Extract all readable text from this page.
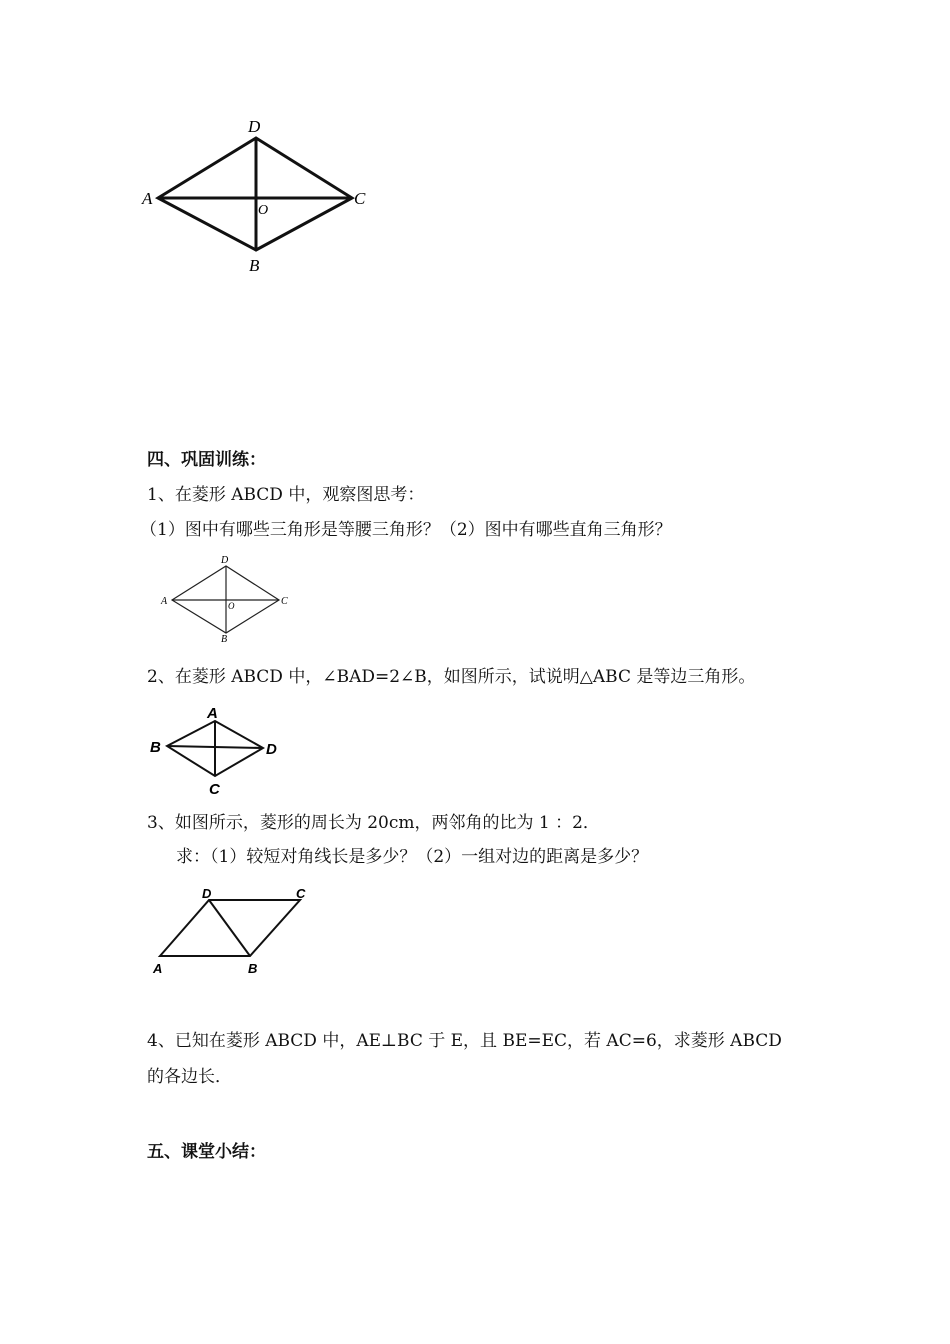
D
A	C
B
O
四、巩固训练：
1、在菱形 ABCD 中，观察图思考：
（1）图中有哪些三角形是等腰三角形？（2）图中有哪些直角三角形？
D
A	C
B
O
2、在菱形 ABCD 中，∠BAD=2∠B，如图所示，试说明△ABC 是等边三角形。
A
B	D
C
3、如图所示，菱形的周长为 20cm，两邻角的比为 1 ：2．
求：（1）较短对角线长是多少？（2）一组对边的距离是多少？
D	C
A	B
4、已知在菱形 ABCD 中，AE⊥BC 于 E，且 BE=EC，若 AC=6，求菱形 ABCD
的各边长．
五、课堂小结：
